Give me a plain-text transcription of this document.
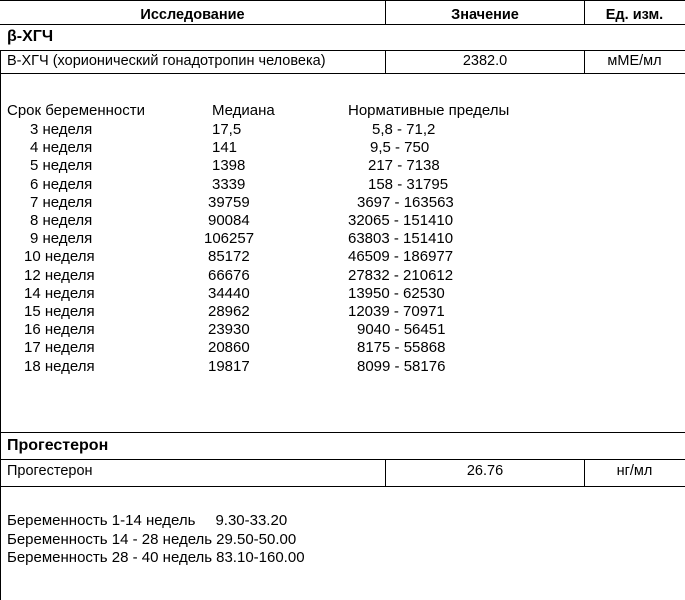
Исследование	Значение	Ед. изм.
β-ХГЧ
В-ХГЧ (хорионический гонадотропин человека)	2382.0	мМЕ/мл
Срок беременности	Медиана	Нормативные пределы
3 неделя	17,5	5,8 - 71,2
4 неделя	141	9,5 - 750
5 неделя	1398	217 - 7138
6 неделя	3339	158 - 31795
7 неделя	39759	3697 - 163563
8 неделя	90084	32065 - 151410
9 неделя	106257	63803 - 151410
10 неделя	85172	46509 - 186977
12 неделя	66676	27832 - 210612
14 неделя	34440	13950 - 62530
15 неделя	28962	12039 - 70971
16 неделя	23930	9040 - 56451
17 неделя	20860	8175 - 55868
18 неделя	19817	8099 - 58176
Прогестерон
Прогестерон	26.76	нг/мл
Беременность 1-14 недель 9.30-33.20
Беременность 14 - 28 недель 29.50-50.00
Беременность 28 - 40 недель 83.10-160.00
